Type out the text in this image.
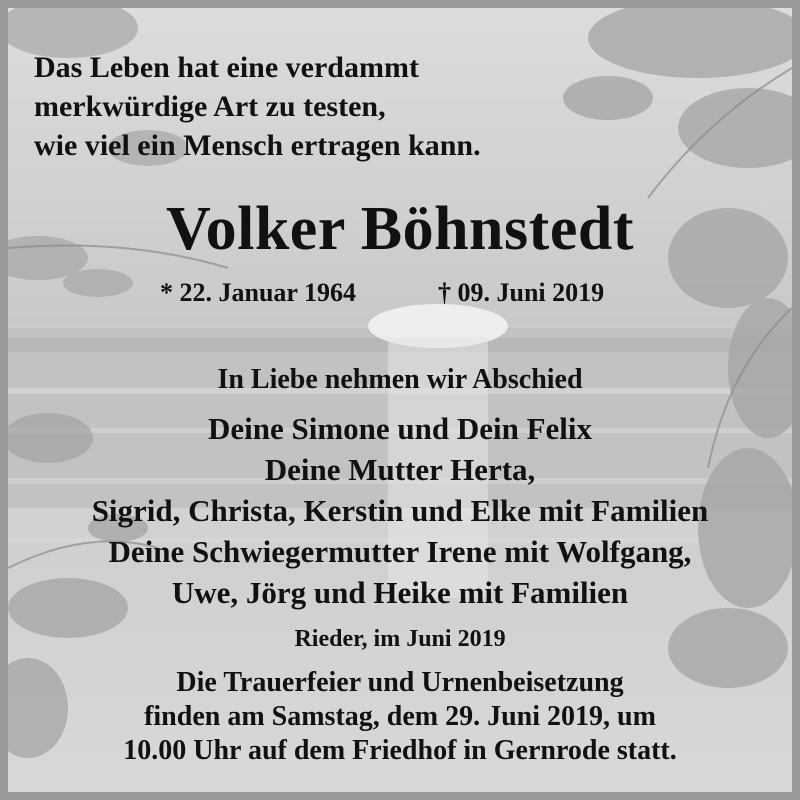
Das Leben hat eine verdammt
merkwürdige Art zu testen,
wie viel ein Mensch ertragen kann.
Volker Böhnstedt
* 22. Januar 1964	† 09. Juni 2019
In Liebe nehmen wir Abschied
Deine Simone und Dein Felix
Deine Mutter Herta,
Sigrid, Christa, Kerstin und Elke mit Familien
Deine Schwiegermutter Irene mit Wolfgang,
Uwe, Jörg und Heike mit Familien
Rieder, im Juni 2019
Die Trauerfeier und Urnenbeisetzung
finden am Samstag, dem 29. Juni 2019, um
10.00 Uhr auf dem Friedhof in Gernrode statt.
